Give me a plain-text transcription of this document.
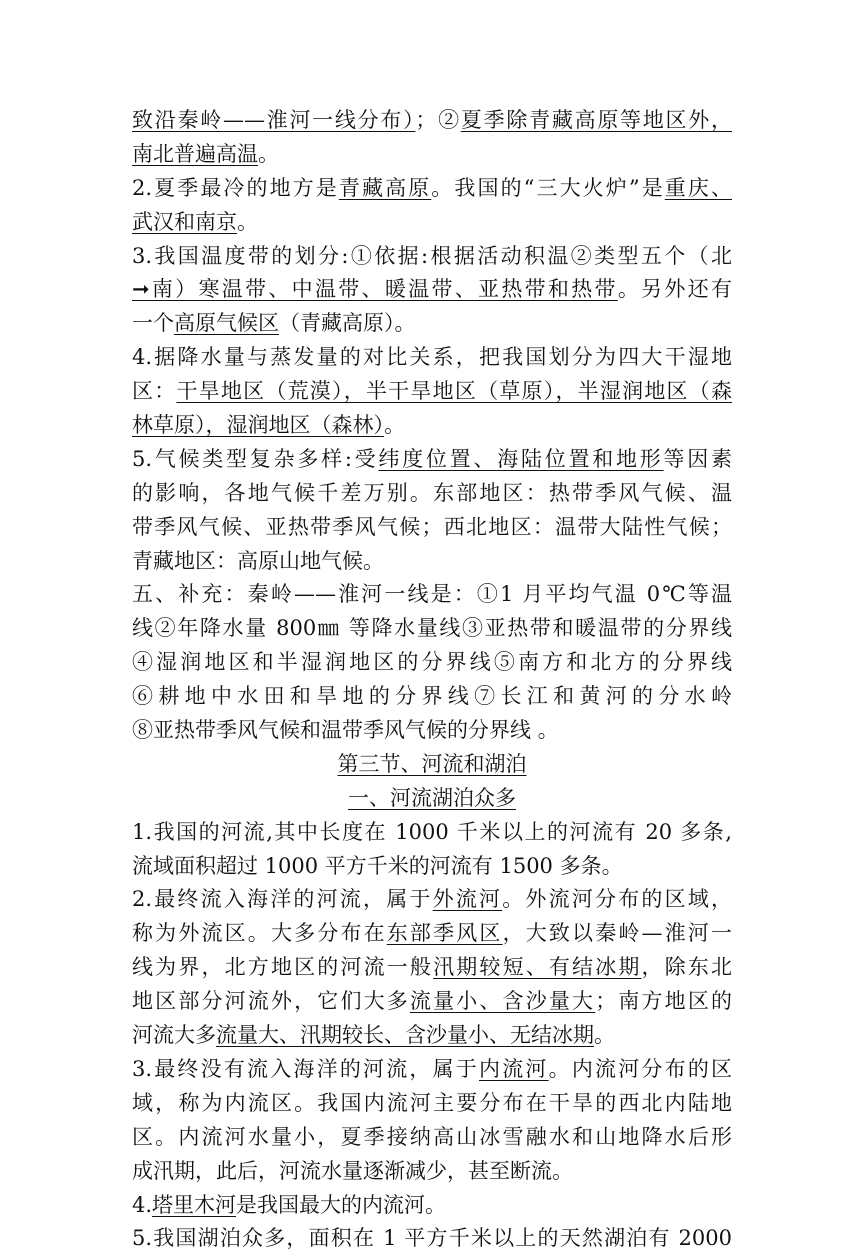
致沿秦岭——淮河一线分布）；②夏季除青藏高原等地区外，
南北普遍高温。
2.夏季最冷的地方是青藏高原。我国的“三大火炉”是重庆、
武汉和南京。
3.我国温度带的划分:①依据:根据活动积温②类型五个（北
➞南）寒温带、中温带、暖温带、亚热带和热带。另外还有
一个高原气候区（青藏高原）。
4.据降水量与蒸发量的对比关系，把我国划分为四大干湿地
区：干旱地区（荒漠），半干旱地区（草原），半湿润地区（森
林草原），湿润地区（森林）。
5.气候类型复杂多样:受纬度位置、海陆位置和地形等因素
的影响，各地气候千差万别。东部地区：热带季风气候、温
带季风气候、亚热带季风气候；西北地区：温带大陆性气候；
青藏地区：高原山地气候。
五、补充：秦岭——淮河一线是：①1 月平均气温 0℃等温
线②年降水量 800㎜ 等降水量线③亚热带和暖温带的分界线
④湿润地区和半湿润地区的分界线⑤南方和北方的分界线
⑥耕地中水田和旱地的分界线⑦长江和黄河的分水岭
⑧亚热带季风气候和温带季风气候的分界线 。
第三节、河流和湖泊
一、河流湖泊众多
1.我国的河流,其中长度在 1000 千米以上的河流有 20 多条,
流域面积超过 1000 平方千米的河流有 1500 多条。
2.最终流入海洋的河流，属于外流河。外流河分布的区域，
称为外流区。大多分布在东部季风区，大致以秦岭—淮河一
线为界，北方地区的河流一般汛期较短、有结冰期，除东北
地区部分河流外，它们大多流量小、含沙量大；南方地区的
河流大多流量大、汛期较长、含沙量小、无结冰期。
3.最终没有流入海洋的河流，属于内流河。内流河分布的区
域，称为内流区。我国内流河主要分布在干旱的西北内陆地
区。内流河水量小，夏季接纳高山冰雪融水和山地降水后形
成汛期，此后，河流水量逐渐减少，甚至断流。
4.塔里木河是我国最大的内流河。
5.我国湖泊众多，面积在 1 平方千米以上的天然湖泊有 2000
